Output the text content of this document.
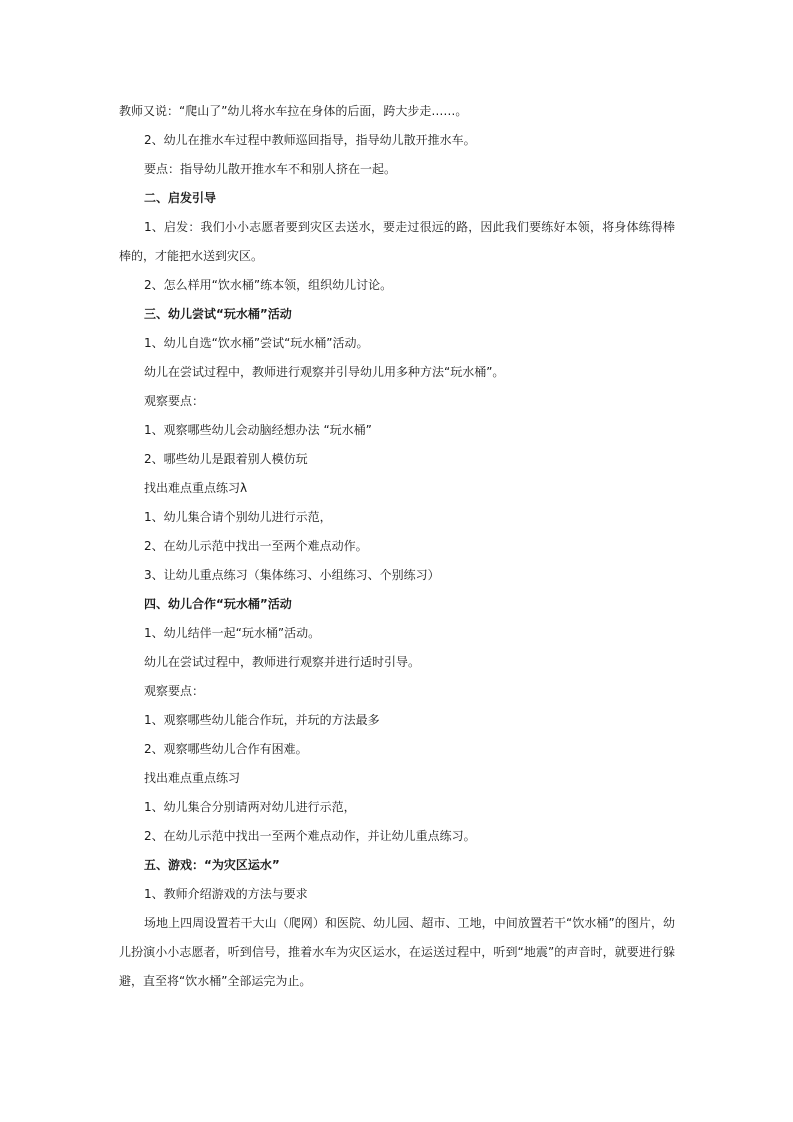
教师又说：“爬山了”幼儿将水车拉在身体的后面，跨大步走……。
2、幼儿在推水车过程中教师巡回指导，指导幼儿散开推水车。
要点：指导幼儿散开推水车不和别人挤在一起。
二、启发引导
1、启发：我们小小志愿者要到灾区去送水，要走过很远的路，因此我们要练好本领，将身体练得棒棒的，才能把水送到灾区。
2、怎么样用“饮水桶”练本领，组织幼儿讨论。
三、幼儿尝试“玩水桶”活动
1、幼儿自选“饮水桶”尝试“玩水桶”活动。
幼儿在尝试过程中，教师进行观察并引导幼儿用多种方法“玩水桶”。
观察要点：
1、观察哪些幼儿会动脑经想办法 “玩水桶”
2、哪些幼儿是跟着别人模仿玩
找出难点重点练习λ
1、幼儿集合请个别幼儿进行示范，
2、在幼儿示范中找出一至两个难点动作。
3、让幼儿重点练习（集体练习、小组练习、个别练习）
四、幼儿合作“玩水桶”活动
1、幼儿结伴一起“玩水桶”活动。
幼儿在尝试过程中，教师进行观察并进行适时引导。
观察要点：
1、观察哪些幼儿能合作玩，并玩的方法最多
2、观察哪些幼儿合作有困难。
找出难点重点练习
1、幼儿集合分别请两对幼儿进行示范，
2、在幼儿示范中找出一至两个难点动作，并让幼儿重点练习。
五、游戏：“为灾区运水”
1、教师介绍游戏的方法与要求
场地上四周设置若干大山（爬网）和医院、幼儿园、超市、工地，中间放置若干“饮水桶”的图片，幼儿扮演小小志愿者，听到信号，推着水车为灾区运水，在运送过程中，听到“地震”的声音时，就要进行躲避，直至将“饮水桶”全部运完为止。
